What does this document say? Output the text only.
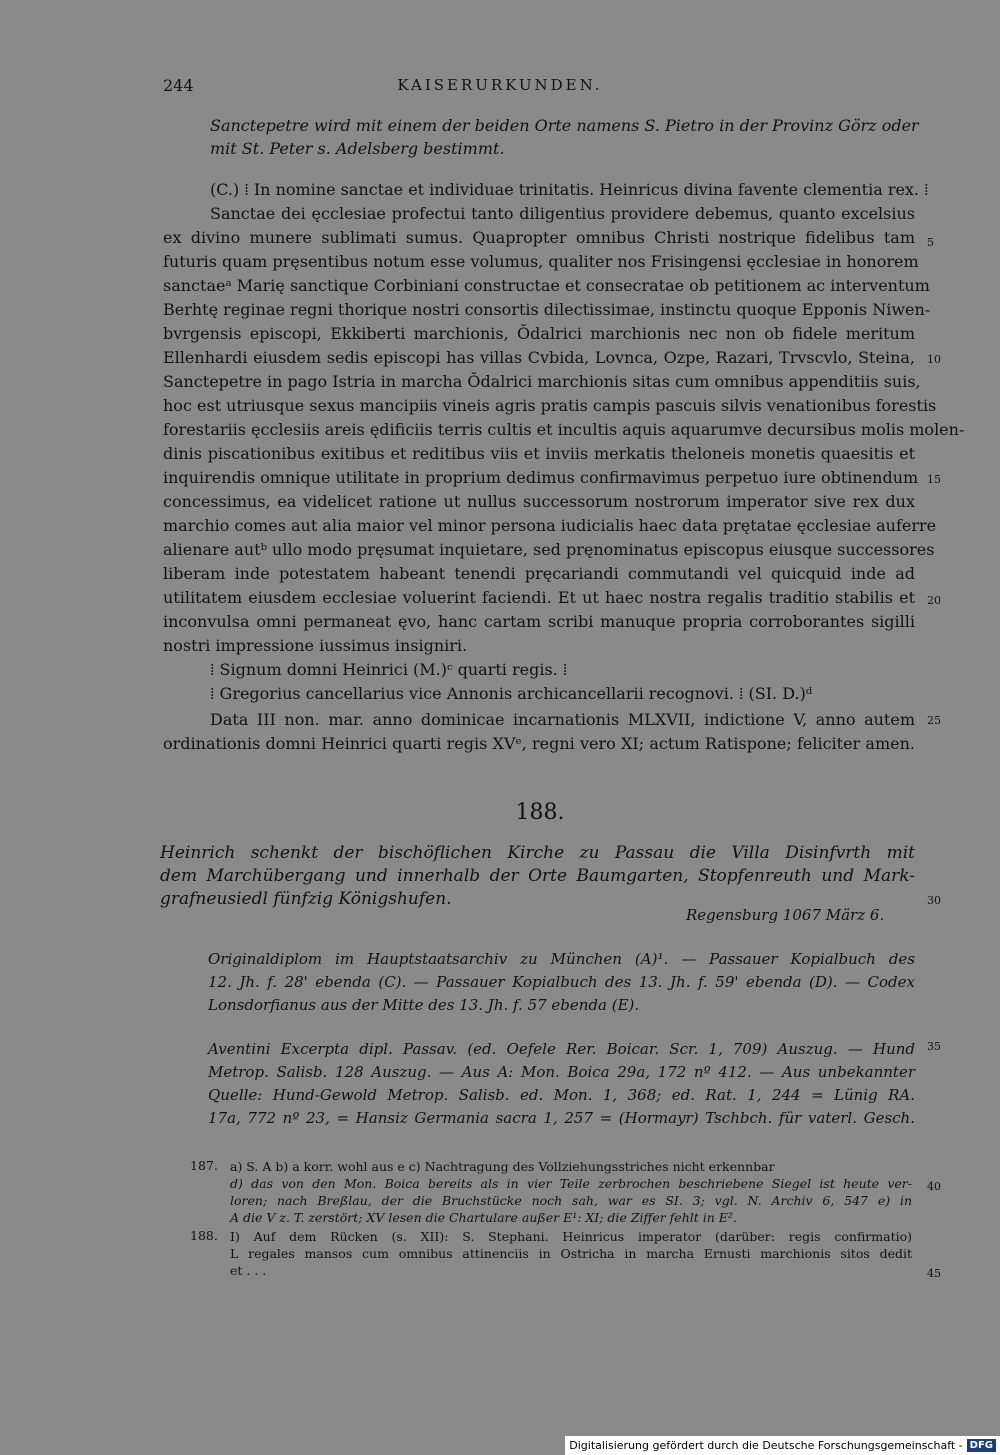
244	KAISERURKUNDEN.
Sanctepetre wird mit einem der beiden Orte namens S. Pietro in der Provinz Görz oder
mit St. Peter s. Adelsberg bestimmt.
(C.) ⁞ In nomine sanctae et individuae trinitatis. Heinricus divina favente clementia rex. ⁞
Sanctae dei ęcclesiae profectui tanto diligentius providere debemus, quanto excelsius
ex divino munere sublimati sumus. Quapropter omnibus Christi nostrique fidelibus tam
futuris quam pręsentibus notum esse volumus, qualiter nos Frisingensi ęcclesiae in honorem
sanctaeᵃ Marię sanctique Corbiniani constructae et consecratae ob petitionem ac interventum
Berhtę reginae regni thorique nostri consortis dilectissimae, instinctu quoque Epponis Niwen-
bvrgensis episcopi, Ekkiberti marchionis, Ŏdalrici marchionis nec non ob fidele meritum
Ellenhardi eiusdem sedis episcopi has villas Cvbida, Lovnca, Ozpe, Razari, Trvscvlo, Steina,
Sanctepetre in pago Istria in marcha Ŏdalrici marchionis sitas cum omnibus appenditiis suis,
hoc est utriusque sexus mancipiis vineis agris pratis campis pascuis silvis venationibus forestis
forestariis ęcclesiis areis ędificiis terris cultis et incultis aquis aquarumve decursibus molis molen-
dinis piscationibus exitibus et reditibus viis et inviis merkatis theloneis monetis quaesitis et
inquirendis omnique utilitate in proprium dedimus confirmavimus perpetuo iure obtinendum
concessimus, ea videlicet ratione ut nullus successorum nostrorum imperator sive rex dux
marchio comes aut alia maior vel minor persona iudicialis haec data prętatae ęcclesiae auferre
alienare autᵇ ullo modo pręsumat inquietare, sed pręnominatus episcopus eiusque successores
liberam inde potestatem habeant tenendi pręcariandi commutandi vel quicquid inde ad
utilitatem eiusdem ecclesiae voluerint faciendi. Et ut haec nostra regalis traditio stabilis et
inconvulsa omni permaneat ęvo, hanc cartam scribi manuque propria corroborantes sigilli
nostri impressione iussimus insigniri.
⁞ Signum domni Heinrici (M.)ᶜ quarti regis. ⁞
⁞ Gregorius cancellarius vice Annonis archicancellarii recognovi. ⁞ (SI. D.)ᵈ
Data III non. mar. anno dominicae incarnationis MLXVII, indictione V, anno autem
ordinationis domni Heinrici quarti regis XVᵉ, regni vero XI; actum Ratispone; feliciter amen.
5
10
15
20
25
30
35
40
45
188.
Heinrich schenkt der bischöflichen Kirche zu Passau die Villa Disinfvrth mit
dem Marchübergang und innerhalb der Orte Baumgarten, Stopfenreuth und Mark-
grafneusiedl fünfzig Königshufen.
Regensburg 1067 März 6.
Originaldiplom im Hauptstaatsarchiv zu München (A)¹. — Passauer Kopialbuch des
12. Jh. f. 28' ebenda (C). — Passauer Kopialbuch des 13. Jh. f. 59' ebenda (D). — Codex
Lonsdorfianus aus der Mitte des 13. Jh. f. 57 ebenda (E).
Aventini Excerpta dipl. Passav. (ed. Oefele Rer. Boicar. Scr. 1, 709) Auszug. — Hund
Metrop. Salisb. 128 Auszug. — Aus A: Mon. Boica 29a, 172 nº 412. — Aus unbekannter
Quelle: Hund-Gewold Metrop. Salisb. ed. Mon. 1, 368; ed. Rat. 1, 244 = Lünig RA.
17a, 772 nº 23, = Hansiz Germania sacra 1, 257 = (Hormayr) Tschbch. für vaterl. Gesch.
187. a) S. A b) a korr. wohl aus e c) Nachtragung des Vollziehungsstriches nicht erkennbar
d) das von den Mon. Boica bereits als in vier Teile zerbrochen beschriebene Siegel ist heute ver-
loren; nach Breßlau, der die Bruchstücke noch sah, war es SI. 3; vgl. N. Archiv 6, 547 e) in
A die V z. T. zerstört; XV lesen die Chartulare außer E¹: XI; die Ziffer fehlt in E².
188. I) Auf dem Rücken (s. XII): S. Stephani. Heinricus imperator (darüber: regis confirmatio)
L regales mansos cum omnibus attinenciis in Ostricha in marcha Ernusti marchionis sitos dedit
et . . .
Digitalisierung gefördert durch die Deutsche Forschungsgemeinschaft - DFG
